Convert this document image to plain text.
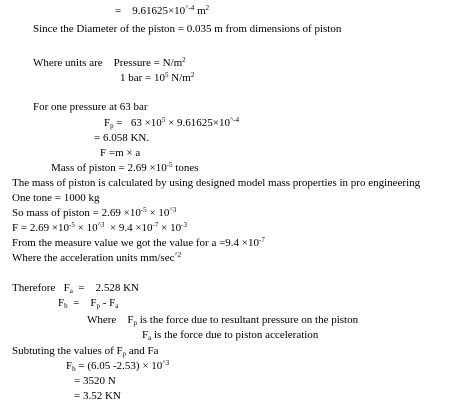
= $9.61625\times 10^{\^{}-4}$ $m^2$
Since the Diameter of the piston = 0.035 m from dimensions of piston
Where units are Pressure = $N/m^2$
1 bar = $10^5$ $N/m^2$
For one pressure at 63 bar
$Fp = 63 \times 10^5 \times 9.61625\times 10^{\^{}-4}$
= 6.058 KN.
F =m × a
Mass of piston = $2.69 \times 10^{-5}$ tones
The mass of piston is calculated by using designed model mass properties in pro engineering
One tone = 1000 kg
So mass of piston = $2.69 \times 10^{-5} \times 10^{\^{}3}$
$F = 2.69 \times 10^{-5} \times 10^{\^{}3} \times 9.4 \times 10^{-7} \times 10^{-3}$
From the measure value we got the value for $a =9.4 \times 10^{-7}$
Where the acceleration units $mm/\sec^{\^{}2}$
Therefore Fa = 2.528 KN
Fb = Fp - Fa
Where Fp is the force due to resultant pressure on the piston
Fa is the force due to piston acceleration
Subtuting the values of Fp and Fa
Fb = (6.05 $-2.53) \times 10^{\^{}3}$
= 3520 N
= 3.52 KN
